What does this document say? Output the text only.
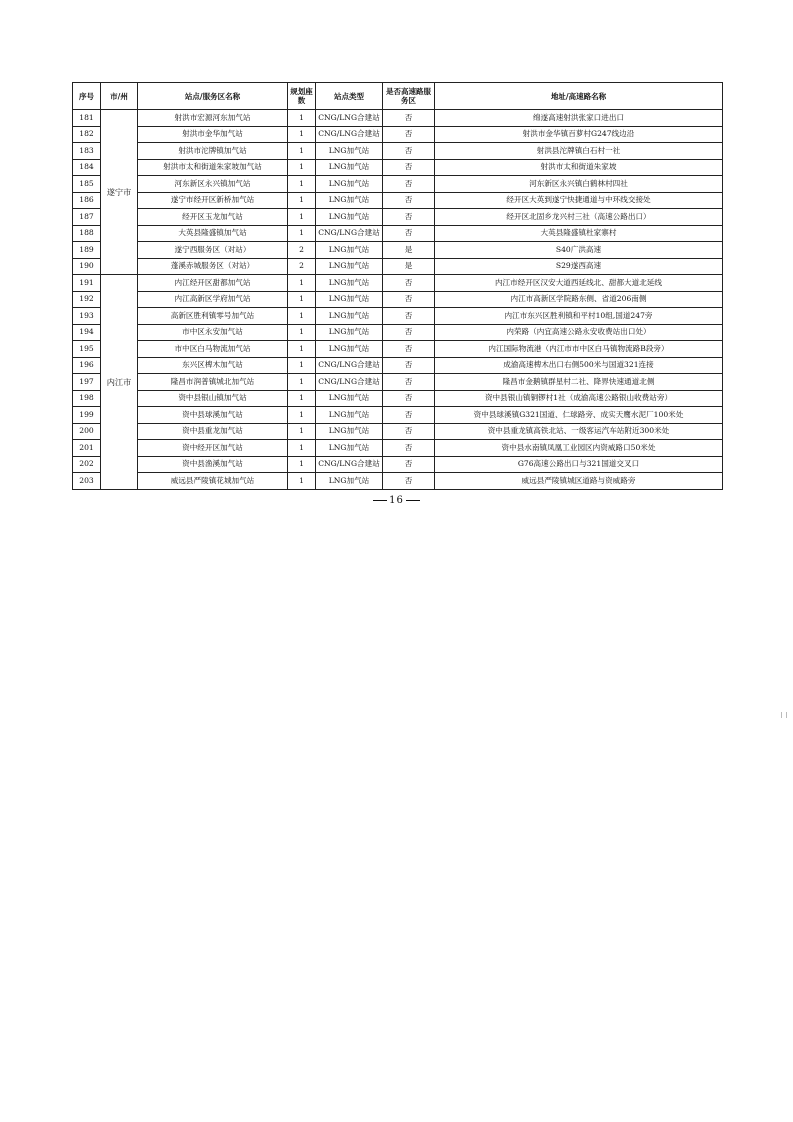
序号	市/州	站点/服务区名称	规划座数	站点类型	是否高速路服务区	地址/高速路名称
181	遂宁市	射洪市宏源河东加气站	1	CNG/LNG合建站	否	绵遂高速射洪张家口进出口
182		射洪市金华加气站	1	CNG/LNG合建站	否	射洪市金华镇百萝村G247线边沿
183		射洪市沱牌镇加气站	1	LNG加气站	否	射洪县沱牌镇白石村一社
184		射洪市太和街道朱家坡加气站	1	LNG加气站	否	射洪市太和街道朱家坡
185		河东新区永兴镇加气站	1	LNG加气站	否	河东新区永兴镇白鹤林村四社
186		遂宁市经开区新桥加气站	1	LNG加气站	否	经开区大英到遂宁快捷通道与中环线交接处
187		经开区玉龙加气站	1	LNG加气站	否	经开区北固乡龙兴村三社（高速公路出口）
188		大英县隆盛镇加气站	1	CNG/LNG合建站	否	大英县隆盛镇杜家寨村
189		遂宁西服务区（对站）	2	LNG加气站	是	S40广洪高速
190		蓬溪赤城服务区（对站）	2	LNG加气站	是	S29遂西高速
191	内江市	内江经开区甜都加气站	1	LNG加气站	否	内江市经开区汉安大道西延线北、甜都大道北延线
192		内江高新区学府加气站	1	LNG加气站	否	内江市高新区学院路东侧、省道206南侧
193		高新区胜利镇零号加气站	1	LNG加气站	否	内江市东兴区胜利镇和平村10组,国道247旁
194		市中区永安加气站	1	LNG加气站	否	内荣路（内宜高速公路永安收费站出口处）
195		市中区白马物流加气站	1	LNG加气站	否	内江国际物流港（内江市市中区白马镇物流路B段旁）
196		东兴区椑木加气站	1	CNG/LNG合建站	否	成渝高速椑木出口右侧500米与国道321连接
197		隆昌市润普镇城北加气站	1	CNG/LNG合建站	否	隆昌市金鹅镇群星村二社、降界快速通道北侧
198		资中县银山镇加气站	1	LNG加气站	否	资中县银山镇铜锣村1社（成渝高速公路银山收费站旁）
199		资中县球溪加气站	1	LNG加气站	否	资中县球溪镇G321国道、仁球路旁、成实天鹰水泥厂100米处
200		资中县重龙加气站	1	LNG加气站	否	资中县重龙镇高铁北站、一级客运汽车站附近300米处
201		资中经开区加气站	1	LNG加气站	否	资中县水南镇凤凰工业园区内资威路口50米处
202		资中县渔溪加气站	1	CNG/LNG合建站	否	G76高速公路出口与321国道交叉口
203		威远县严陵镇花城加气站	1	LNG加气站	否	威远县严陵镇城区道路与资威路旁
16
